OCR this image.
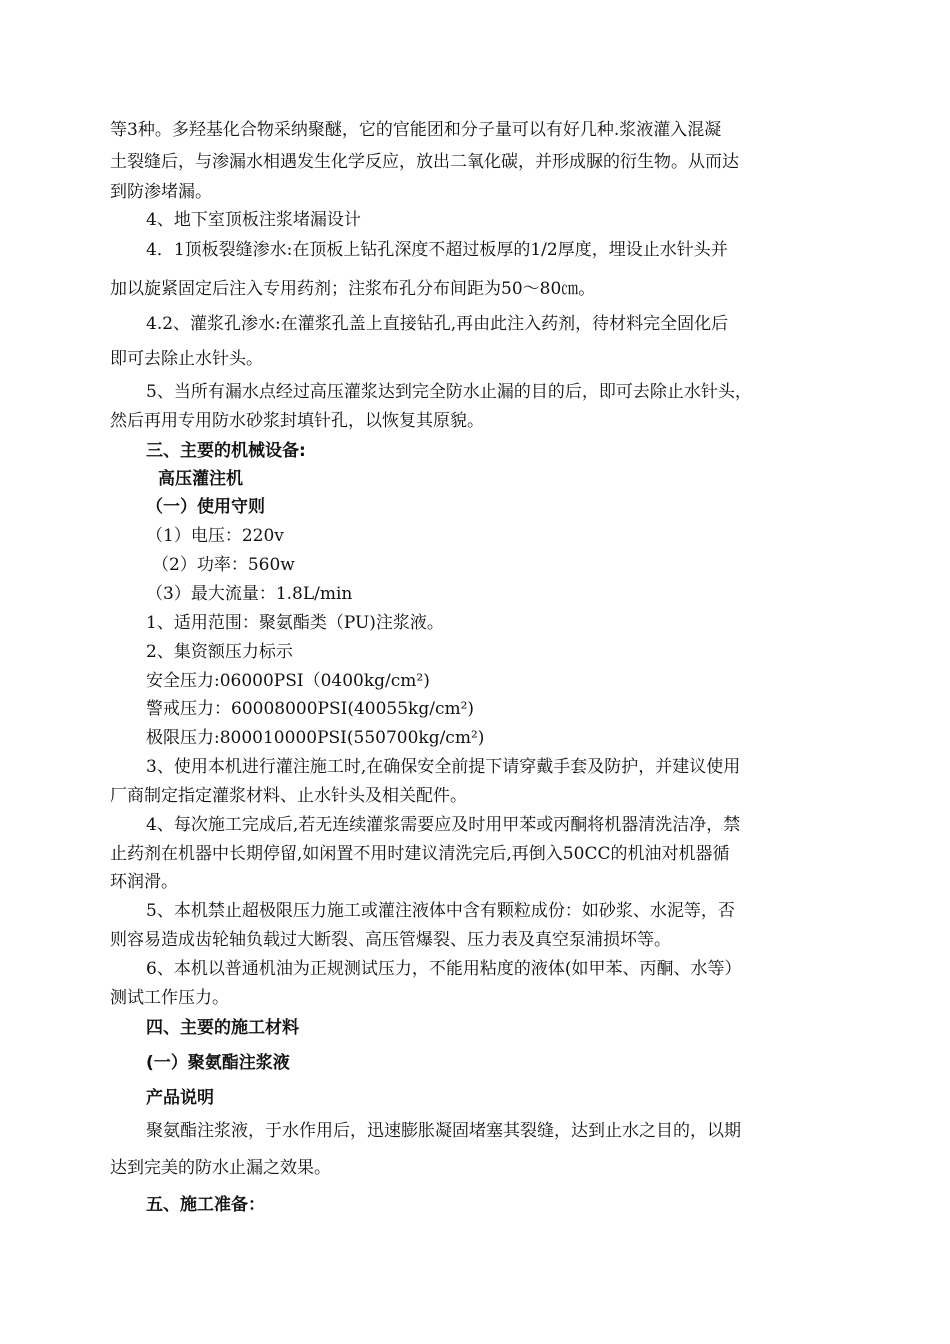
等3种。多羟基化合物采纳聚醚，它的官能团和分子量可以有好几种.浆液灌入混凝
土裂缝后，与渗漏水相遇发生化学反应，放出二氧化碳，并形成脲的衍生物。从而达
到防渗堵漏。
4、地下室顶板注浆堵漏设计
4．1顶板裂缝渗水:在顶板上钻孔深度不超过板厚的1/2厚度，埋设止水针头并
加以旋紧固定后注入专用药剂；注浆布孔分布间距为50～80㎝。
4.2、灌浆孔渗水:在灌浆孔盖上直接钻孔,再由此注入药剂，待材料完全固化后
即可去除止水针头。
5、当所有漏水点经过高压灌浆达到完全防水止漏的目的后，即可去除止水针头，
然后再用专用防水砂浆封填针孔，以恢复其原貌。
三、主要的机械设备:
高压灌注机
（一）使用守则
（1）电压：220v
（2）功率：560w
（3）最大流量：1.8L/min
1、适用范围：聚氨酯类（PU)注浆液。
2、集资额压力标示
安全压力:06000PSI（0400kg/cm²)
警戒压力：60008000PSI(40055kg/cm²)
极限压力:800010000PSI(550700kg/cm²)
3、使用本机进行灌注施工时,在确保安全前提下请穿戴手套及防护，并建议使用
厂商制定指定灌浆材料、止水针头及相关配件。
4、每次施工完成后,若无连续灌浆需要应及时用甲苯或丙酮将机器清洗洁净，禁
止药剂在机器中长期停留,如闲置不用时建议清洗完后,再倒入50CC的机油对机器循
环润滑。
5、本机禁止超极限压力施工或灌注液体中含有颗粒成份：如砂浆、水泥等，否
则容易造成齿轮轴负载过大断裂、高压管爆裂、压力表及真空泵浦损坏等。
6、本机以普通机油为正规测试压力，不能用粘度的液体(如甲苯、丙酮、水等）
测试工作压力。
四、主要的施工材料
(一）聚氨酯注浆液
产品说明
聚氨酯注浆液，于水作用后，迅速膨胀凝固堵塞其裂缝，达到止水之目的，以期
达到完美的防水止漏之效果。
五、施工准备：
